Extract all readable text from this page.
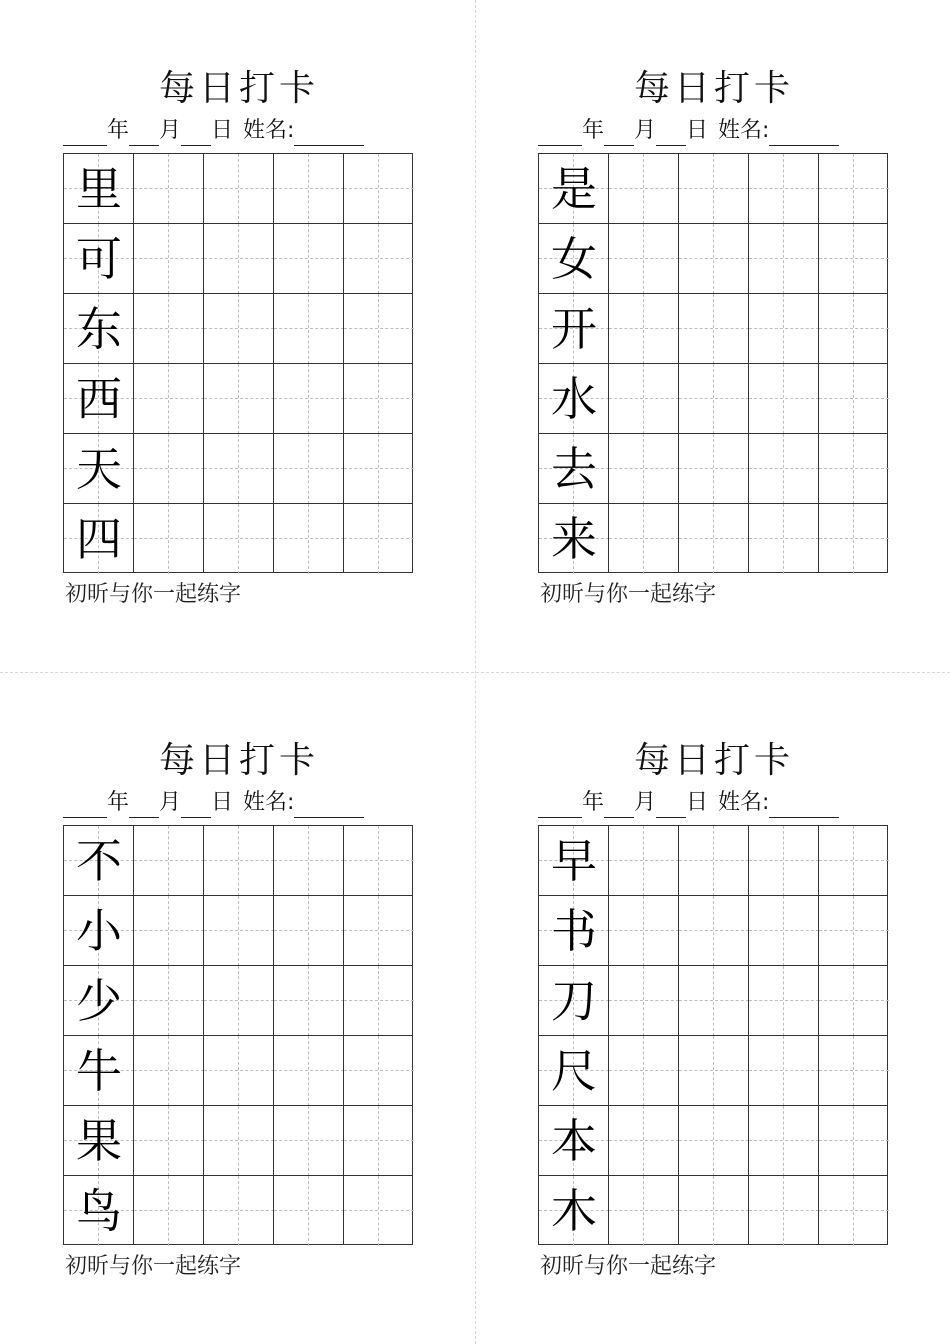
每日打卡
年 月 日 姓名:
里
可
东
西
天
四
初昕与你一起练字
每日打卡
年 月 日 姓名:
是
女
开
水
去
来
初昕与你一起练字
每日打卡
年 月 日 姓名:
不
小
少
牛
果
鸟
初昕与你一起练字
每日打卡
年 月 日 姓名:
早
书
刀
尺
本
木
初昕与你一起练字
